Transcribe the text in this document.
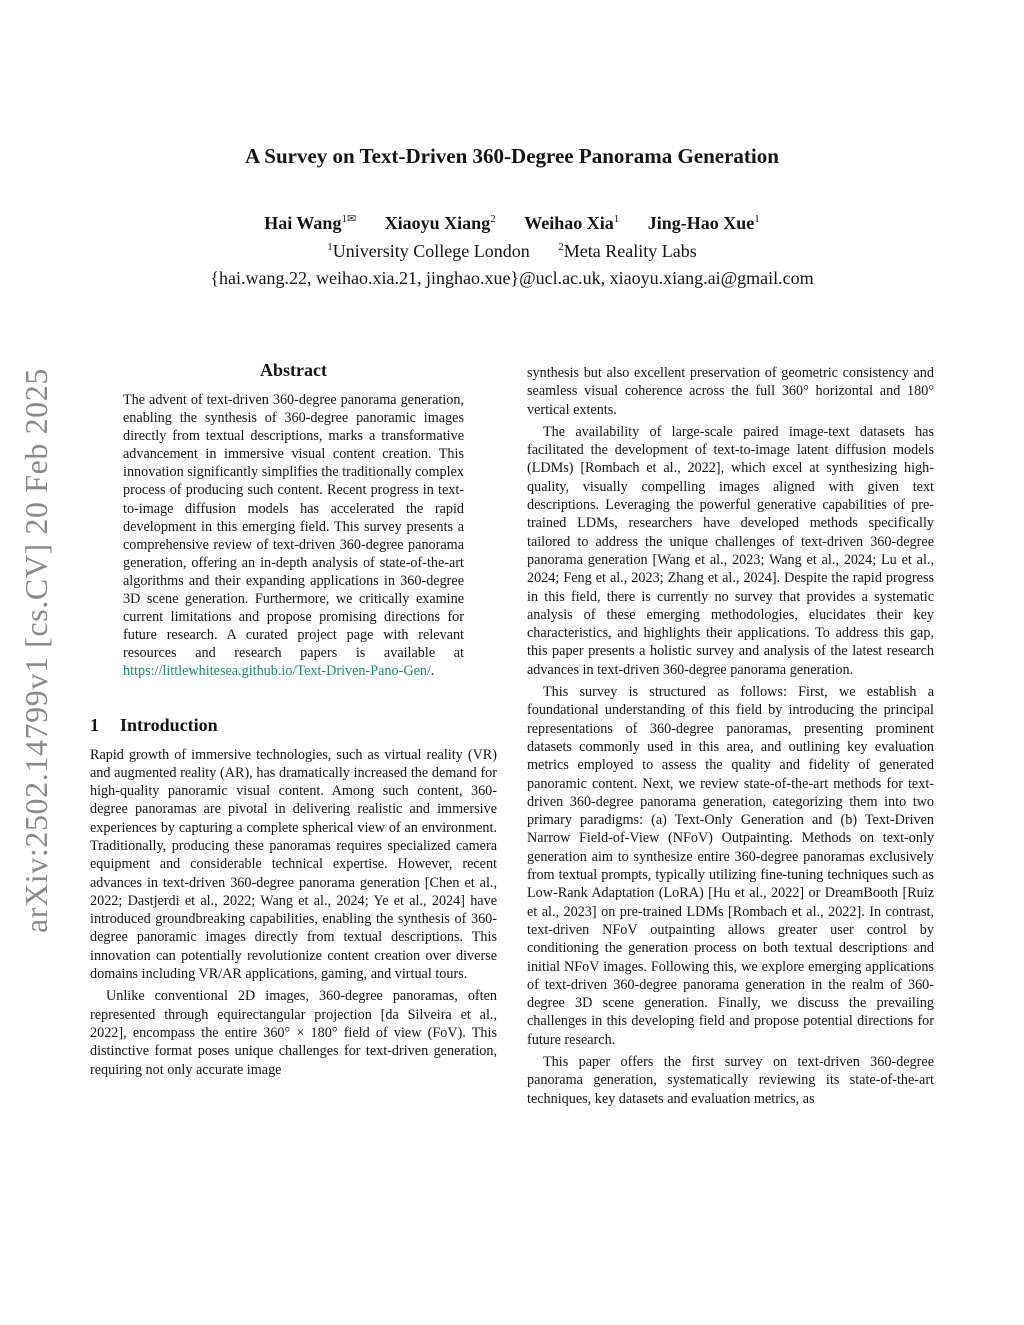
arXiv:2502.14799v1 [cs.CV] 20 Feb 2025
A Survey on Text-Driven 360-Degree Panorama Generation
Hai Wang$^{1✉}$ Xiaoyu Xiang$^2$ Weihao Xia$^1$ Jing-Hao Xue$^1$
$^1$University College London	$^2$Meta Reality Labs
{hai.wang.22, weihao.xia.21, jinghao.xue}@ucl.ac.uk, xiaoyu.xiang.ai@gmail.com
Abstract
The advent of text-driven 360-degree panorama generation, enabling the synthesis of 360-degree panoramic images directly from textual descriptions, marks a transformative advancement in immersive visual content creation. This innovation significantly simplifies the traditionally complex process of producing such content. Recent progress in text-to-image diffusion models has accelerated the rapid development in this emerging field. This survey presents a comprehensive review of text-driven 360-degree panorama generation, offering an in-depth analysis of state-of-the-art algorithms and their expanding applications in 360-degree 3D scene generation. Furthermore, we critically examine current limitations and propose promising directions for future research. A curated project page with relevant resources and research papers is available at https://littlewhitesea.github.io/Text-Driven-Pano-Gen/.
1 Introduction

Rapid growth of immersive technologies, such as virtual reality (VR) and augmented reality (AR), has dramatically increased the demand for high-quality panoramic visual content. Among such content, 360-degree panoramas are pivotal in delivering realistic and immersive experiences by capturing a complete spherical view of an environment. Traditionally, producing these panoramas requires specialized camera equipment and considerable technical expertise. However, recent advances in text-driven 360-degree panorama generation [Chen et al., 2022; Dastjerdi et al., 2022; Wang et al., 2024; Ye et al., 2024] have introduced groundbreaking capabilities, enabling the synthesis of 360-degree panoramic images directly from textual descriptions. This innovation can potentially revolutionize content creation over diverse domains including VR/AR applications, gaming, and virtual tours.

Unlike conventional 2D images, 360-degree panoramas, often represented through equirectangular projection [da Silveira et al., 2022], encompass the entire 360° × 180° field of view (FoV). This distinctive format poses unique challenges for text-driven generation, requiring not only accurate image

synthesis but also excellent preservation of geometric consistency and seamless visual coherence across the full 360° horizontal and 180° vertical extents.

The availability of large-scale paired image-text datasets has facilitated the development of text-to-image latent diffusion models (LDMs) [Rombach et al., 2022], which excel at synthesizing high-quality, visually compelling images aligned with given text descriptions. Leveraging the powerful generative capabilities of pre-trained LDMs, researchers have developed methods specifically tailored to address the unique challenges of text-driven 360-degree panorama generation [Wang et al., 2023; Wang et al., 2024; Lu et al., 2024; Feng et al., 2023; Zhang et al., 2024]. Despite the rapid progress in this field, there is currently no survey that provides a systematic analysis of these emerging methodologies, elucidates their key characteristics, and highlights their applications. To address this gap, this paper presents a holistic survey and analysis of the latest research advances in text-driven 360-degree panorama generation.

This survey is structured as follows: First, we establish a foundational understanding of this field by introducing the principal representations of 360-degree panoramas, presenting prominent datasets commonly used in this area, and outlining key evaluation metrics employed to assess the quality and fidelity of generated panoramic content. Next, we review state-of-the-art methods for text-driven 360-degree panorama generation, categorizing them into two primary paradigms: (a) Text-Only Generation and (b) Text-Driven Narrow Field-of-View (NFoV) Outpainting. Methods on text-only generation aim to synthesize entire 360-degree panoramas exclusively from textual prompts, typically utilizing fine-tuning techniques such as Low-Rank Adaptation (LoRA) [Hu et al., 2022] or DreamBooth [Ruiz et al., 2023] on pre-trained LDMs [Rombach et al., 2022]. In contrast, text-driven NFoV outpainting allows greater user control by conditioning the generation process on both textual descriptions and initial NFoV images. Following this, we explore emerging applications of text-driven 360-degree panorama generation in the realm of 360-degree 3D scene generation. Finally, we discuss the prevailing challenges in this developing field and propose potential directions for future research.

This paper offers the first survey on text-driven 360-degree panorama generation, systematically reviewing its state-of-the-art techniques, key datasets and evaluation metrics, as
